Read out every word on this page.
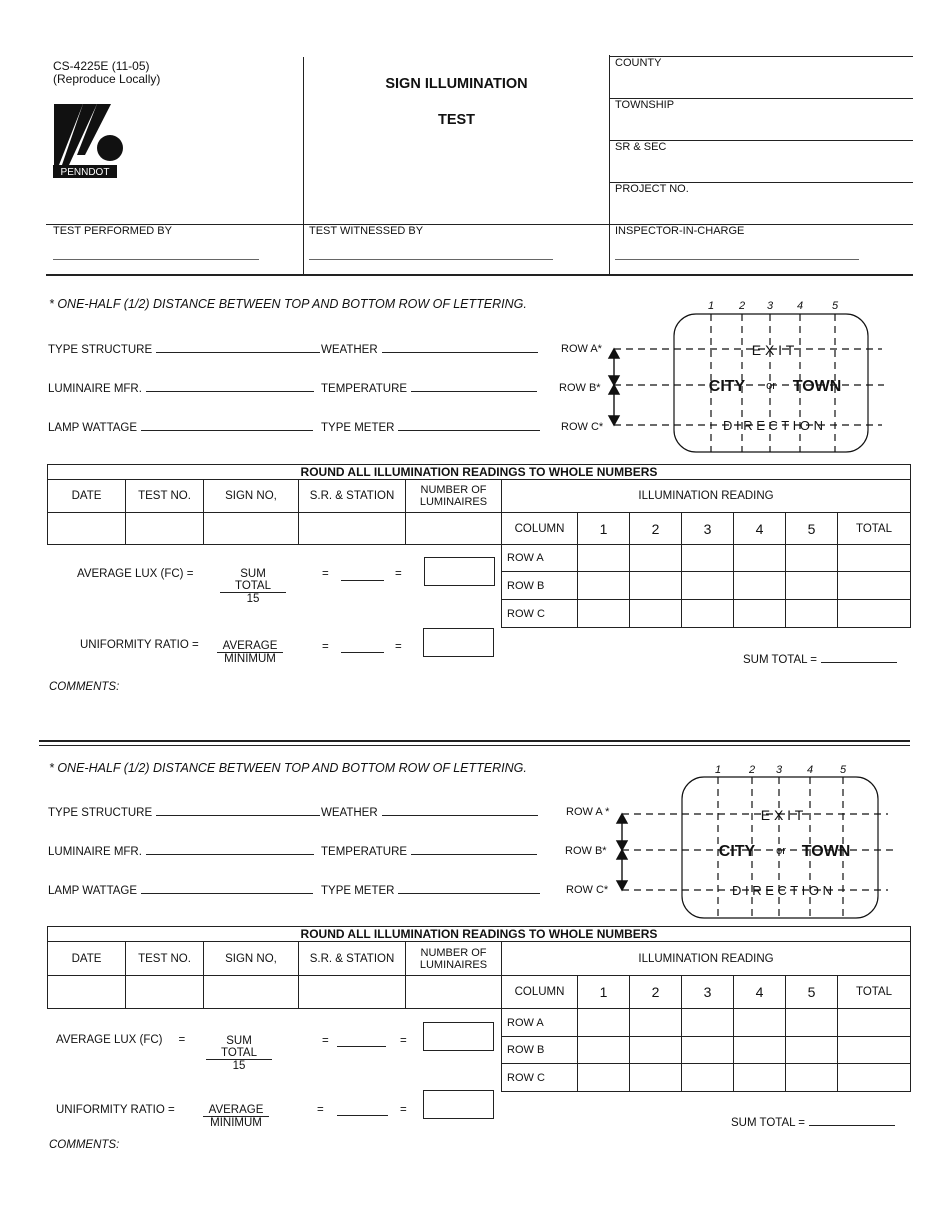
CS-4225E (11-05)
(Reproduce Locally)
PENNDOT
SIGN ILLUMINATION
TEST
COUNTY
TOWNSHIP
SR & SEC
PROJECT NO.
TEST PERFORMED BY	TEST WITNESSED BY	INSPECTOR-IN-CHARGE
* ONE-HALF (1/2) DISTANCE BETWEEN TOP AND BOTTOM ROW OF LETTERING.
TYPE STRUCTURE
LUMINAIRE MFR.
LAMP WATTAGE
WEATHER
TEMPERATURE
TYPE METER
ROW A*
ROW B*
ROW C*
1 2 3 4	5
E X I T
CITY or TOWN
D I R E C T I O N
ROUND ALL ILLUMINATION READINGS TO WHOLE NUMBERS											
DATE	TEST NO.	SIGN NO,	S.R. & STATION	NUMBER OF LUMINAIRES	ILLUMINATION READING						
					COLUMN	1	2	3	4	5	TOTAL
					ROW A						
					ROW B						
					ROW C						
AVERAGE LUX (FC) =	SUM TOTAL
15
=	=
UNIFORMITY RATIO =	AVERAGE
MINIMUM
=	=
SUM TOTAL =
COMMENTS:
* ONE-HALF (1/2) DISTANCE BETWEEN TOP AND BOTTOM ROW OF LETTERING.
TYPE STRUCTURE
LUMINAIRE MFR.
LAMP WATTAGE
WEATHER
TEMPERATURE
TYPE METER
ROW A *
ROW B*
ROW C*
1	2 3 4 5
E X I T
CITY or TOWN
D I R E C T I O N
ROUND ALL ILLUMINATION READINGS TO WHOLE NUMBERS											
DATE	TEST NO.	SIGN NO,	S.R. & STATION	NUMBER OF LUMINAIRES	ILLUMINATION READING						
					COLUMN	1	2	3	4	5	TOTAL
					ROW A						
					ROW B						
					ROW C						
AVERAGE LUX (FC)     =	SUM TOTAL
15
=	=
UNIFORMITY RATIO =	AVERAGE
MINIMUM
=	=
SUM TOTAL =
COMMENTS:
